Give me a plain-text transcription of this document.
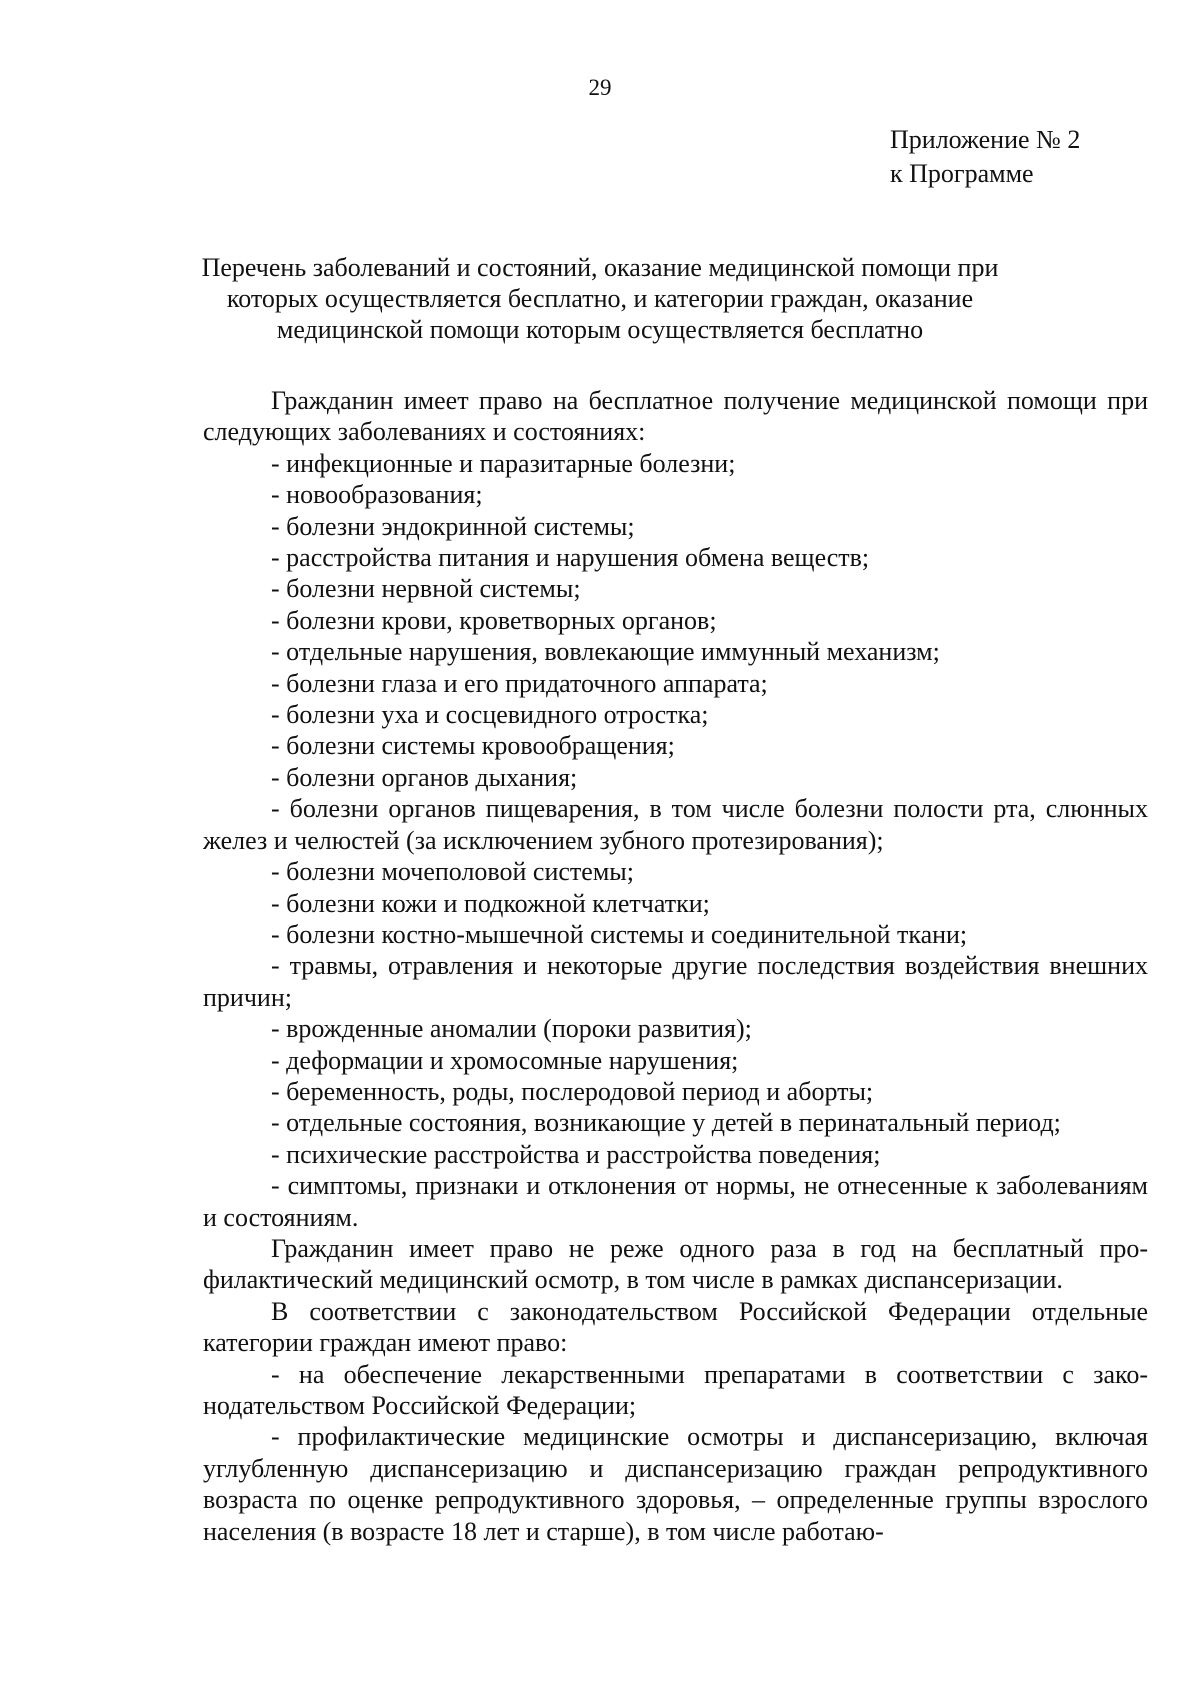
29
Приложение № 2
к Программе
Перечень заболеваний и состояний, оказание медицинской помощи при
которых осуществляется бесплатно, и категории граждан, оказание
медицинской помощи которым осуществляется бесплатно

Гражданин имеет право на бесплатное получение медицинской помощи при следующих заболеваниях и состояниях:

- инфекционные и паразитарные болезни;

- новообразования;

- болезни эндокринной системы;

- расстройства питания и нарушения обмена веществ;

- болезни нервной системы;

- болезни крови, кроветворных органов;

- отдельные нарушения, вовлекающие иммунный механизм;

- болезни глаза и его придаточного аппарата;

- болезни уха и сосцевидного отростка;

- болезни системы кровообращения;

- болезни органов дыхания;

- болезни органов пищеварения, в том числе болезни полости рта, слюнных желез и челюстей (за исключением зубного протезирования);

- болезни мочеполовой системы;

- болезни кожи и подкожной клетчатки;

- болезни костно-мышечной системы и соединительной ткани;

- травмы, отравления и некоторые другие последствия воздействия внешних причин;

- врожденные аномалии (пороки развития);

- деформации и хромосомные нарушения;

- беременность, роды, послеродовой период и аборты;

- отдельные состояния, возникающие у детей в перинатальный период;

- психические расстройства и расстройства поведения;

- симптомы, признаки и отклонения от нормы, не отнесенные к заболеваниям и состояниям.

Гражданин имеет право не реже одного раза в год на бесплатный профилактический медицинский осмотр, в том числе в рамках диспансеризации.

В соответствии с законодательством Российской Федерации отдельные категории граждан имеют право:

- на обеспечение лекарственными препаратами в соответствии с законодательством Российской Федерации;

- профилактические медицинские осмотры и диспансеризацию, включая углубленную диспансеризацию и диспансеризацию граждан репродуктивного возраста по оценке репродуктивного здоровья, – определенные группы взрослого населения (в возрасте 18 лет и старше), в том числе работаю-
